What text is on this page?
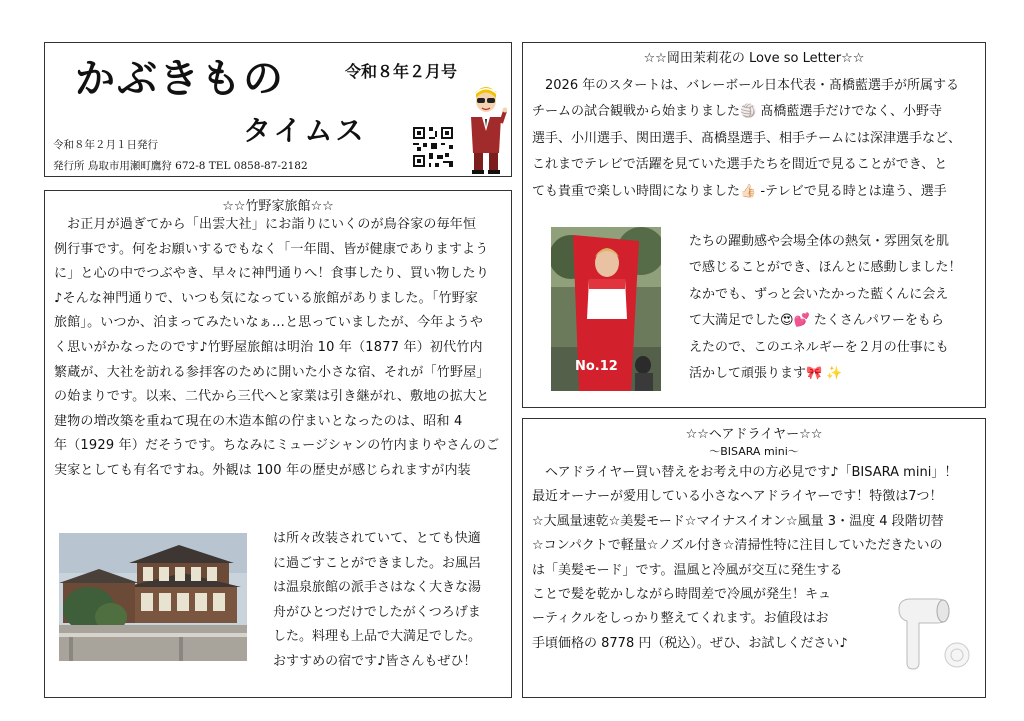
かぶきもの
タイムス
令和８年２月号
令和８年２月１日発行
発行所 鳥取市用瀬町鷹狩 672-8 TEL 0858-87-2182
☆☆竹野家旅館☆☆
お正月が過ぎてから「出雲大社」にお詣りにいくのが鳥谷家の毎年恒
例行事です。何をお願いするでもなく「一年間、皆が健康でありますよう
に」と心の中でつぶやき、早々に神門通りへ！食事したり、買い物したり
♪そんな神門通りで、いつも気になっている旅館がありました。「竹野家
旅館」。いつか、泊まってみたいなぁ…と思っていましたが、今年ようや
く思いがかなったのです♪竹野屋旅館は明治 10 年（1877 年）初代竹内
繁蔵が、大社を訪れる参拝客のために開いた小さな宿、それが「竹野屋」
の始まりです。以来、二代から三代へと家業は引き継がれ、敷地の拡大と
建物の増改築を重ねて現在の木造本館の佇まいとなったのは、昭和 4
年（1929 年）だそうです。ちなみにミュージシャンの竹内まりやさんのご
実家としても有名ですね。外観は 100 年の歴史が感じられますが内装
は所々改装されていて、とても快適
に過ごすことができました。お風呂
は温泉旅館の派手さはなく大きな湯
舟がひとつだけでしたがくつろげま
した。料理も上品で大満足でした。
おすすめの宿です♪皆さんもぜひ！
☆☆岡田茉莉花の Love so Letter☆☆
2026 年のスタートは、バレーボール日本代表・髙橋藍選手が所属する
チームの試合観戦から始まりました🏐 髙橋藍選手だけでなく、小野寺
選手、小川選手、関田選手、髙橋塁選手、相手チームには深津選手など、
これまでテレビで活躍を見ていた選手たちを間近で見ることができ、と
ても貴重で楽しい時間になりました👍🏻 -テレビで見る時とは違う、選手
No.12
たちの躍動感や会場全体の熱気・雰囲気を肌
で感じることができ、ほんとに感動しました！
なかでも、ずっと会いたかった藍くんに会え
て大満足でした😍💕 たくさんパワーをもら
えたので、このエネルギーを２月の仕事にも
活かして頑張ります🎀 ✨
☆☆ヘアドライヤー☆☆
～BISARA mini～
ヘアドライヤー買い替えをお考え中の方必見です♪「BISARA mini」！
最近オーナーが愛用している小さなヘアドライヤーです！特徴は7つ！
☆大風量速乾☆美髪モード☆マイナスイオン☆風量 3・温度 4 段階切替
☆コンパクトで軽量☆ノズル付き☆清掃性特に注目していただきたいの
は「美髪モード」です。温風と冷風が交互に発生する
ことで髪を乾かしながら時間差で冷風が発生！キュ
ーティクルをしっかり整えてくれます。お値段はお
手頃価格の 8778 円（税込）。ぜひ、お試しください♪
